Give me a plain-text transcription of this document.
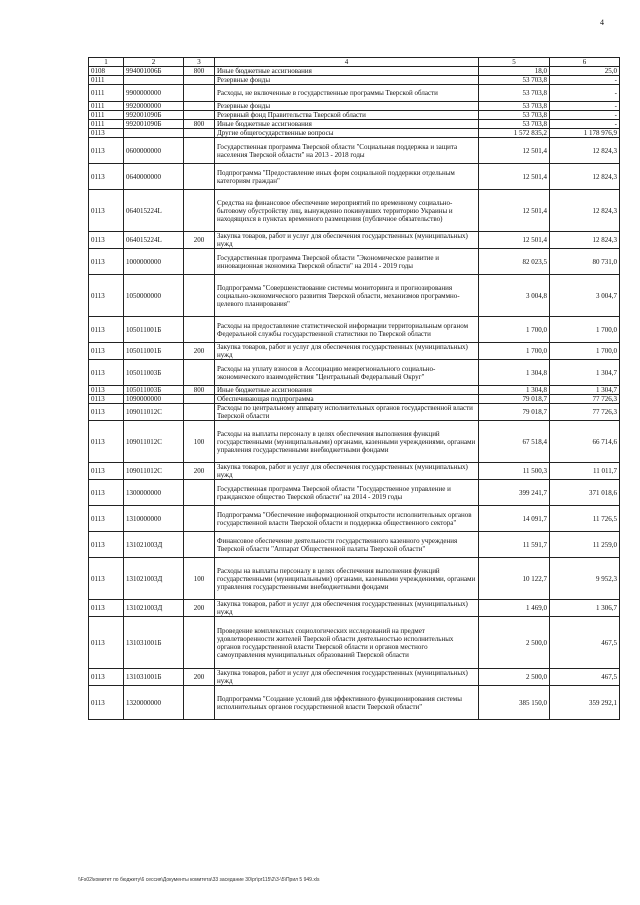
4
1	2	3	4	5	6
0108	994001006Б	800	Иные бюджетные ассигнования	18,0	25,0
0111			Резервные фонды	53 703,8	-
0111	9900000000		Расходы, не включенные в государственные программы Тверской области	53 703,8	-
0111	9920000000		Резервные фонды	53 703,8	-
0111	992001090Б		Резервный фонд Правительства Тверской области	53 703,8	-
0111	992001090Б	800	Иные бюджетные ассигнования	53 703,8	-
0113			Другие общегосударственные вопросы	1 572 835,2	1 178 976,9
0113	0600000000		Государственная программа Тверской области "Социальная поддержка и защита населения Тверской области" на 2013 - 2018 годы	12 501,4	12 824,3
0113	0640000000		Подпрограмма "Предоставление иных форм социальной поддержки отдельным категориям граждан"	12 501,4	12 824,3
0113	064015224L		Средства на финансовое обеспечение мероприятий по временному социально-бытовому обустройству лиц, вынужденно покинувших территорию Украины и находящихся в пунктах временного размещения (публичное обязательство)	12 501,4	12 824,3
0113	064015224L	200	Закупка товаров, работ и услуг для обеспечения государственных (муниципальных) нужд	12 501,4	12 824,3
0113	1000000000		Государственная программа Тверской области "Экономическое развитие и инновационная экономика Тверской области" на 2014 - 2019 годы	82 023,5	80 731,0
0113	1050000000		Подпрограмма "Совершенствование системы мониторинга и прогнозирования социально-экономического развития Тверской области, механизмов программно-целевого планирования"	3 004,8	3 004,7
0113	105011001Б		Расходы на предоставление статистической информации территориальным органом Федеральной службы государственной статистики по Тверской области	1 700,0	1 700,0
0113	105011001Б	200	Закупка товаров, работ и услуг для обеспечения государственных (муниципальных) нужд	1 700,0	1 700,0
0113	105011003Б		Расходы на уплату взносов в Ассоциацию межрегионального социально-экономического взаимодействия "Центральный Федеральный Округ"	1 304,8	1 304,7
0113	105011003Б	800	Иные бюджетные ассигнования	1 304,8	1 304,7
0113	1090000000		Обеспечивающая подпрограмма	79 018,7	77 726,3
0113	109011012С		Расходы по центральному аппарату исполнительных органов государственной власти Тверской области	79 018,7	77 726,3
0113	109011012С	100	Расходы на выплаты персоналу в целях обеспечения выполнения функций государственными (муниципальными) органами, казенными учреждениями, органами управления государственными внебюджетными фондами	67 518,4	66 714,6
0113	109011012С	200	Закупка товаров, работ и услуг для обеспечения государственных (муниципальных) нужд	11 500,3	11 011,7
0113	1300000000		Государственная программа Тверской области "Государственное управление и гражданское общество Тверской области" на 2014 - 2019 годы	399 241,7	371 018,6
0113	1310000000		Подпрограмма "Обеспечение информационной открытости исполнительных органов государственной власти Тверской области и поддержка общественного сектора"	14 091,7	11 726,5
0113	131021003Д		Финансовое обеспечение деятельности государственного казенного учреждения Тверской области "Аппарат Общественной палаты Тверской области"	11 591,7	11 259,0
0113	131021003Д	100	Расходы на выплаты персоналу в целях обеспечения выполнения функций государственными (муниципальными) органами, казенными учреждениями, органами управления государственными внебюджетными фондами	10 122,7	9 952,3
0113	131021003Д	200	Закупка товаров, работ и услуг для обеспечения государственных (муниципальных) нужд	1 469,0	1 306,7
0113	131031001Б		Проведение комплексных социологических исследований на предмет удовлетворенности жителей Тверской области деятельностью исполнительных органов государственной власти Тверской области и органов местного самоуправления муниципальных образований Тверской области	2 500,0	467,5
0113	131031001Б	200	Закупка товаров, работ и услуг для обеспечения государственных (муниципальных) нужд	2 500,0	467,5
0113	1320000000		Подпрограмма "Создание условий для эффективного функционирования системы исполнительных органов государственной власти Тверской области"	385 150,0	359 292,1
\\Fs02\комитет по бюджету\6 сессия\Документы комитета\33 заседание 30\pr\pr115\2\3-\5\Прил 5 949.xls
